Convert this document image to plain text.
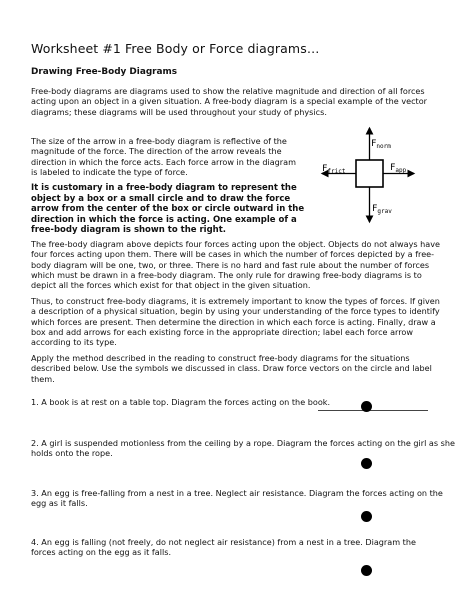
Worksheet #1 Free Body or Force diagrams…
Drawing Free-Body Diagrams

Free-body diagrams are diagrams used to show the relative magnitude and direction of all forces acting upon an object in a given situation. A free-body diagram is a special example of the vector diagrams; these diagrams will be used throughout your study of physics.

The size of the arrow in a free-body diagram is reflective of the magnitude of the force. The direction of the arrow reveals the direction in which the force acts. Each force arrow in the diagram is labeled to indicate the type of force.

It is customary in a free-body diagram to represent the object by a box or a small circle and to draw the force arrow from the center of the box or circle outward in the direction in which the force is acting. One example of a free-body diagram is shown to the right.

$F_{norm}$
$F_{frict}$	$F_{app}$
$F_{grav}$

The free-body diagram above depicts four forces acting upon the object. Objects do not always have four forces acting upon them. There will be cases in which the number of forces depicted by a free-body diagram will be one, two, or three. There is no hard and fast rule about the number of forces which must be drawn in a free-body diagram. The only rule for drawing free-body diagrams is to depict all the forces which exist for that object in the given situation.

Thus, to construct free-body diagrams, it is extremely important to know the types of forces. If given a description of a physical situation, begin by using your understanding of the force types to identify which forces are present. Then determine the direction in which each force is acting. Finally, draw a box and add arrows for each existing force in the appropriate direction; label each force arrow according to its type.

Apply the method described in the reading to construct free-body diagrams for the situations described below. Use the symbols we discussed in class. Draw force vectors on the circle and label them.

1. A book is at rest on a table top. Diagram the forces acting on the book.

2. A girl is suspended motionless from the ceiling by a rope. Diagram the forces acting on the girl as she holds onto the rope.

3. An egg is free-falling from a nest in a tree. Neglect air resistance. Diagram the forces acting on the egg as it falls.

4. An egg is falling (not freely, do not neglect air resistance) from a nest in a tree. Diagram the forces acting on the egg as it falls.
